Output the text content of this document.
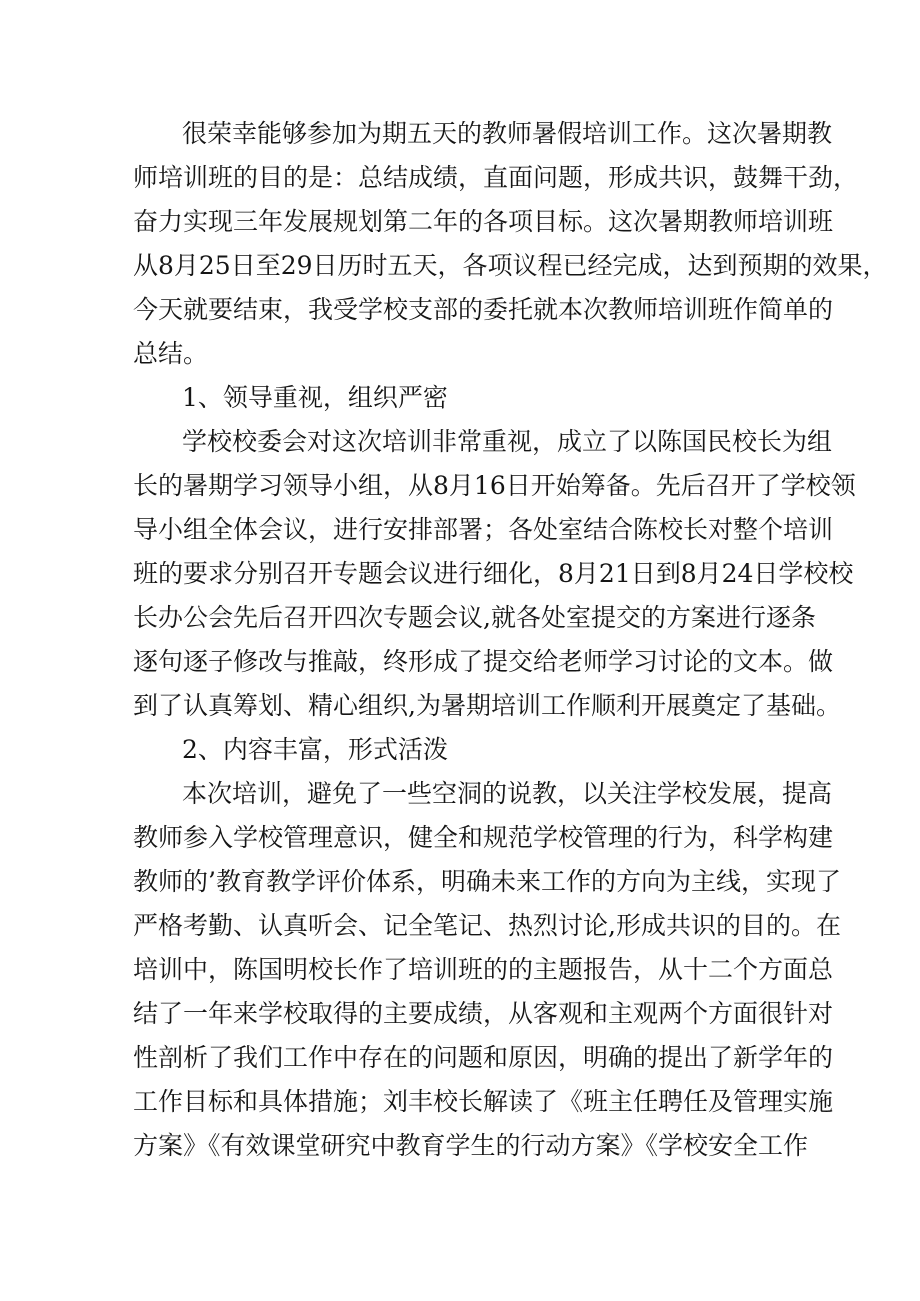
很荣幸能够参加为期五天的教师暑假培训工作。这次暑期教
师培训班的目的是：总结成绩，直面问题，形成共识，鼓舞干劲，
奋力实现三年发展规划第二年的各项目标。这次暑期教师培训班
从8月25日至29日历时五天，各项议程已经完成，达到预期的效果，
今天就要结束，我受学校支部的委托就本次教师培训班作简单的
总结。
1、领导重视，组织严密
学校校委会对这次培训非常重视，成立了以陈国民校长为组
长的暑期学习领导小组，从8月16日开始筹备。先后召开了学校领
导小组全体会议，进行安排部署；各处室结合陈校长对整个培训
班的要求分别召开专题会议进行细化，8月21日到8月24日学校校
长办公会先后召开四次专题会议,就各处室提交的方案进行逐条
逐句逐子修改与推敲，终形成了提交给老师学习讨论的文本。做
到了认真筹划、精心组织,为暑期培训工作顺利开展奠定了基础。
2、内容丰富，形式活泼
本次培训，避免了一些空洞的说教，以关注学校发展，提高
教师参入学校管理意识，健全和规范学校管理的行为，科学构建
教师的’教育教学评价体系，明确未来工作的方向为主线，实现了
严格考勤、认真听会、记全笔记、热烈讨论,形成共识的目的。在
培训中，陈国明校长作了培训班的的主题报告，从十二个方面总
结了一年来学校取得的主要成绩，从客观和主观两个方面很针对
性剖析了我们工作中存在的问题和原因，明确的提出了新学年的
工作目标和具体措施；刘丰校长解读了《班主任聘任及管理实施
方案》《有效课堂研究中教育学生的行动方案》《学校安全工作
